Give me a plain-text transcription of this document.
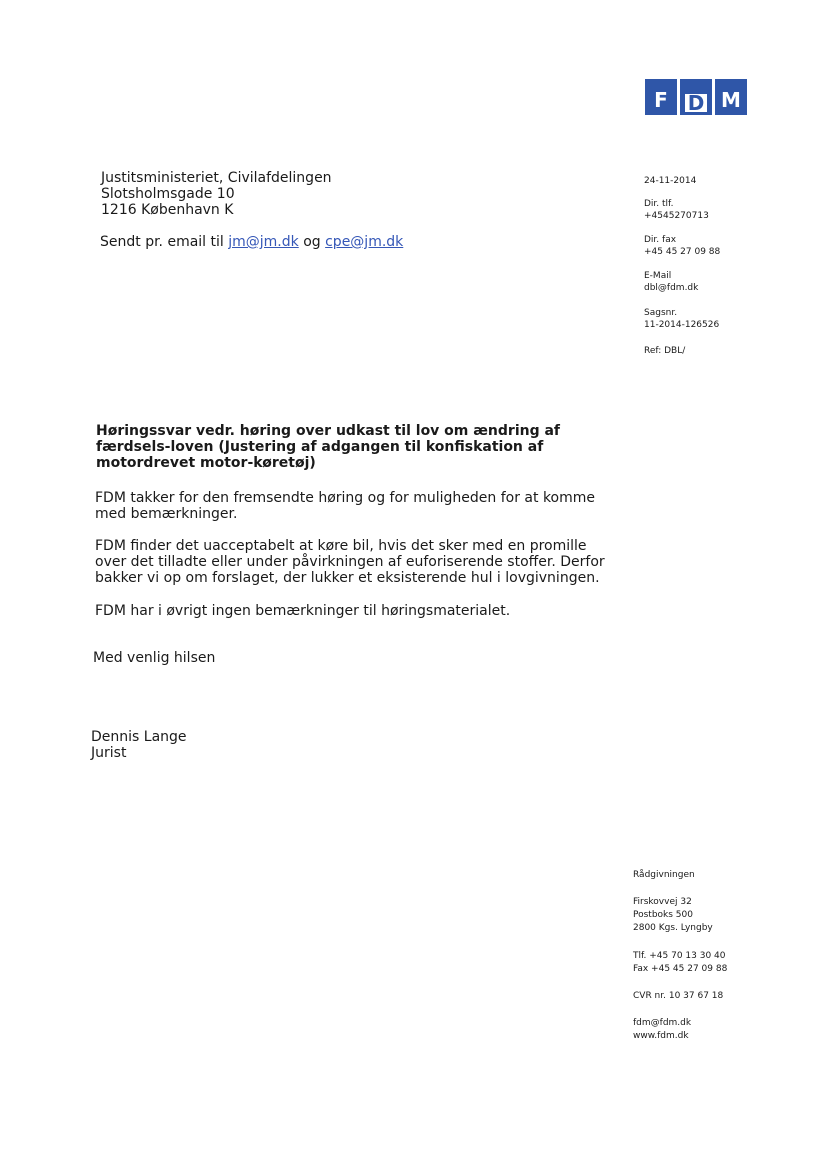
F D M
Justitsministeriet, Civilafdelingen
Slotsholmsgade 10
1216 København K
Sendt pr. email til jm@jm.dk og cpe@jm.dk
24-11-2014
Dir. tlf.
+4545270713
Dir. fax
+45 45 27 09 88
E-Mail
dbl@fdm.dk
Sagsnr.
11-2014-126526
Ref: DBL/
Høringssvar vedr. høring over udkast til lov om ændring af færdsels-loven (Justering af adgangen til konfiskation af motordrevet motor-køretøj)
FDM takker for den fremsendte høring og for muligheden for at komme med bemærkninger.
FDM finder det uacceptabelt at køre bil, hvis det sker med en promille over det tilladte eller under påvirkningen af euforiserende stoffer. Derfor bakker vi op om forslaget, der lukker et eksisterende hul i lovgivningen.
FDM har i øvrigt ingen bemærkninger til høringsmaterialet.
Med venlig hilsen
Dennis Lange
Jurist
Rådgivningen
Firskovvej 32
Postboks 500
2800 Kgs. Lyngby
Tlf. +45 70 13 30 40
Fax +45 45 27 09 88
CVR nr. 10 37 67 18
fdm@fdm.dk
www.fdm.dk
